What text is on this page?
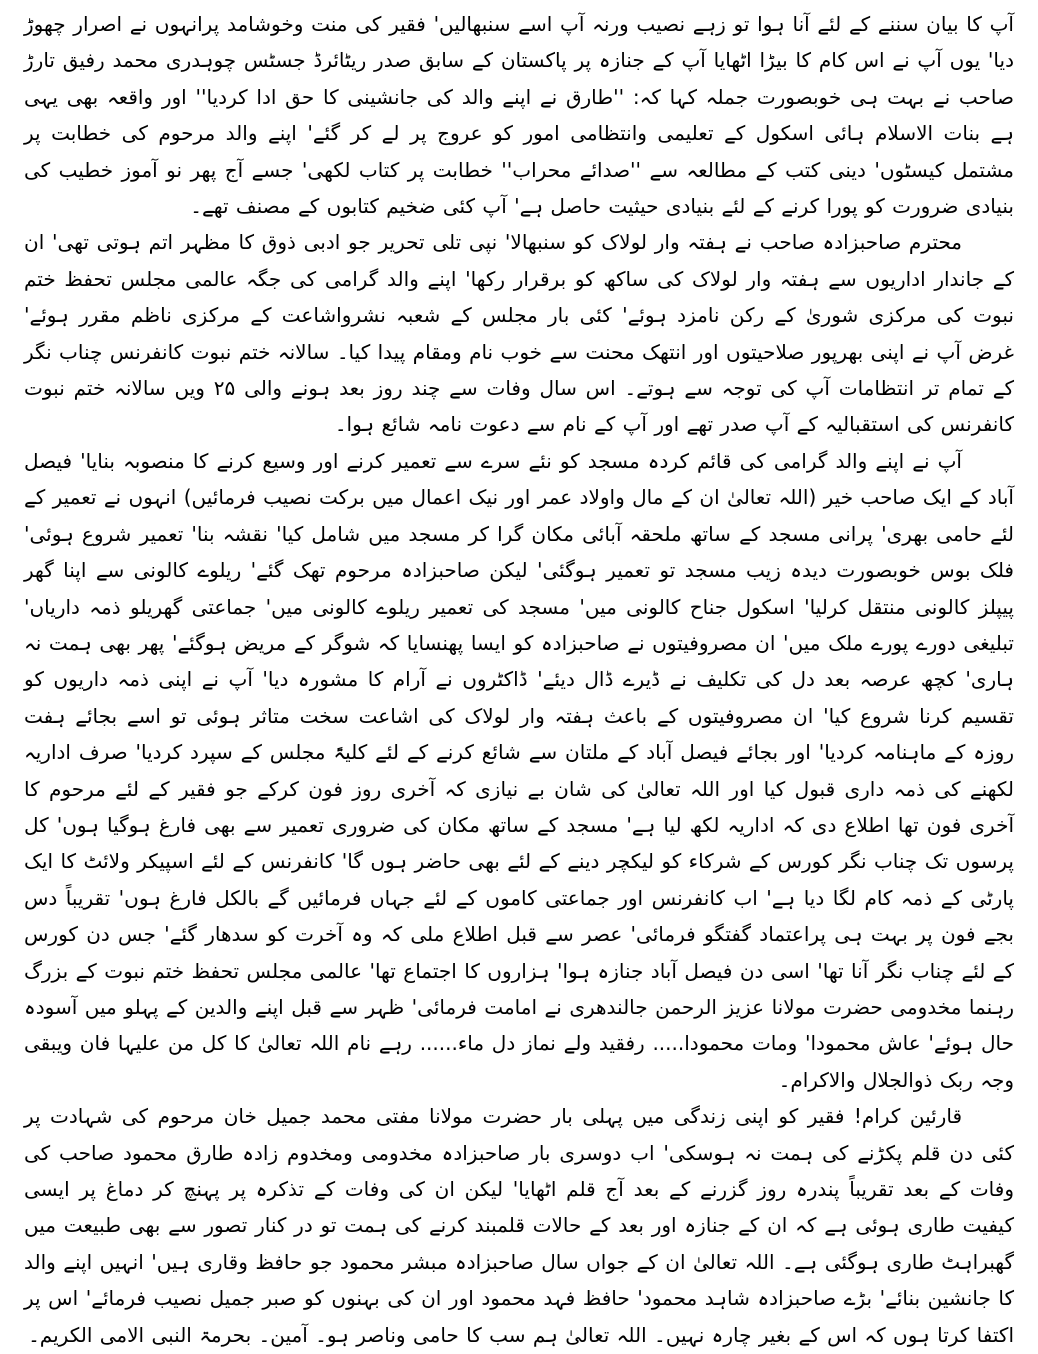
آپ کا بیان سننے کے لئے آنا ہوا تو زہے نصیب ورنہ آپ اسے سنبھالیں' فقیر کی منت وخوشامد پرانہوں نے اصرار چھوڑ دیا' یوں آپ نے اس کام کا بیڑا اٹھایا آپ کے جنازہ پر پاکستان کے سابق صدر ریٹائرڈ جسٹس چوہدری محمد رفیق تارڑ صاحب نے بہت ہی خوبصورت جملہ کہا کہ: ''طارق نے اپنے والد کی جانشینی کا حق ادا کردیا'' اور واقعہ بھی یہی ہے بنات الاسلام ہائی اسکول کے تعلیمی وانتظامی امور کو عروج پر لے کر گئے' اپنے والد مرحوم کی خطابت پر مشتمل کیسٹوں' دینی کتب کے مطالعہ سے ''صدائے محراب'' خطابت پر کتاب لکھی' جسے آج پھر نو آموز خطیب کی بنیادی ضرورت کو پورا کرنے کے لئے بنیادی حیثیت حاصل ہے' آپ کئی ضخیم کتابوں کے مصنف تھے۔

محترم صاحبزادہ صاحب نے ہفتہ وار لولاک کو سنبھالا' نپی تلی تحریر جو ادبی ذوق کا مظہر اتم ہوتی تھی' ان کے جاندار اداریوں سے ہفتہ وار لولاک کی ساکھ کو برقرار رکھا' اپنے والد گرامی کی جگہ عالمی مجلس تحفظ ختم نبوت کی مرکزی شوریٰ کے رکن نامزد ہوئے' کئی بار مجلس کے شعبہ نشرواشاعت کے مرکزی ناظم مقرر ہوئے' غرض آپ نے اپنی بھرپور صلاحیتوں اور انتھک محنت سے خوب نام ومقام پیدا کیا۔ سالانہ ختم نبوت کانفرنس چناب نگر کے تمام تر انتظامات آپ کی توجہ سے ہوتے۔ اس سال وفات سے چند روز بعد ہونے والی ۲۵ ویں سالانہ ختم نبوت کانفرنس کی استقبالیہ کے آپ صدر تھے اور آپ کے نام سے دعوت نامہ شائع ہوا۔

آپ نے اپنے والد گرامی کی قائم کردہ مسجد کو نئے سرے سے تعمیر کرنے اور وسیع کرنے کا منصوبہ بنایا' فیصل آباد کے ایک صاحب خیر (اللہ تعالیٰ ان کے مال واولاد عمر اور نیک اعمال میں برکت نصیب فرمائیں) انہوں نے تعمیر کے لئے حامی بھری' پرانی مسجد کے ساتھ ملحقہ آبائی مکان گرا کر مسجد میں شامل کیا' نقشہ بنا' تعمیر شروع ہوئی' فلک بوس خوبصورت دیدہ زیب مسجد تو تعمیر ہوگئی' لیکن صاحبزادہ مرحوم تھک گئے' ریلوے کالونی سے اپنا گھر پیپلز کالونی منتقل کرلیا' اسکول جناح کالونی میں' مسجد کی تعمیر ریلوے کالونی میں' جماعتی گھریلو ذمہ داریاں' تبلیغی دورے پورے ملک میں' ان مصروفیتوں نے صاحبزادہ کو ایسا پھنسایا کہ شوگر کے مریض ہوگئے' پھر بھی ہمت نہ ہاری' کچھ عرصہ بعد دل کی تکلیف نے ڈیرے ڈال دیئے' ڈاکٹروں نے آرام کا مشورہ دیا' آپ نے اپنی ذمہ داریوں کو تقسیم کرنا شروع کیا' ان مصروفیتوں کے باعث ہفتہ وار لولاک کی اشاعت سخت متاثر ہوئی تو اسے بجائے ہفت روزہ کے ماہنامہ کردیا' اور بجائے فیصل آباد کے ملتان سے شائع کرنے کے لئے کلیۃً مجلس کے سپرد کردیا' صرف اداریہ لکھنے کی ذمہ داری قبول کیا اور اللہ تعالیٰ کی شان بے نیازی کہ آخری روز فون کرکے جو فقیر کے لئے مرحوم کا آخری فون تھا اطلاع دی کہ اداریہ لکھ لیا ہے' مسجد کے ساتھ مکان کی ضروری تعمیر سے بھی فارغ ہوگیا ہوں' کل پرسوں تک چناب نگر کورس کے شرکاء کو لیکچر دینے کے لئے بھی حاضر ہوں گا' کانفرنس کے لئے اسپیکر ولائٹ کا ایک پارٹی کے ذمہ کام لگا دیا ہے' اب کانفرنس اور جماعتی کاموں کے لئے جہاں فرمائیں گے بالکل فارغ ہوں' تقریباً دس بجے فون پر بہت ہی پراعتماد گفتگو فرمائی' عصر سے قبل اطلاع ملی کہ وہ آخرت کو سدھار گئے' جس دن کورس کے لئے چناب نگر آنا تھا' اسی دن فیصل آباد جنازہ ہوا' ہزاروں کا اجتماع تھا' عالمی مجلس تحفظ ختم نبوت کے بزرگ رہنما مخدومی حضرت مولانا عزیز الرحمن جالندھری نے امامت فرمائی' ظہر سے قبل اپنے والدین کے پہلو میں آسودہ حال ہوئے' عاش محمودا' ومات محمودا..... رفقید ولے نماز دل ماء...... رہے نام اللہ تعالیٰ کا کل من علیہا فان ویبقی وجہ ربک ذوالجلال والاکرام۔

قارئین کرام! فقیر کو اپنی زندگی میں پہلی بار حضرت مولانا مفتی محمد جمیل خان مرحوم کی شہادت پر کئی دن قلم پکڑنے کی ہمت نہ ہوسکی' اب دوسری بار صاحبزادہ مخدومی ومخدوم زادہ طارق محمود صاحب کی وفات کے بعد تقریباً پندرہ روز گزرنے کے بعد آج قلم اٹھایا' لیکن ان کی وفات کے تذکرہ پر پہنچ کر دماغ پر ایسی کیفیت طاری ہوئی ہے کہ ان کے جنازہ اور بعد کے حالات قلمبند کرنے کی ہمت تو در کنار تصور سے بھی طبیعت میں گھبراہٹ طاری ہوگئی ہے۔ اللہ تعالیٰ ان کے جواں سال صاحبزادہ مبشر محمود جو حافظ وقاری ہیں' انہیں اپنے والد کا جانشین بنائے' بڑے صاحبزادہ شاہد محمود' حافظ فہد محمود اور ان کی بہنوں کو صبر جمیل نصیب فرمائے' اس پر اکتفا کرتا ہوں کہ اس کے بغیر چارہ نہیں۔ اللہ تعالیٰ ہم سب کا حامی وناصر ہو۔ آمین۔ بحرمۃ النبی الامی الکریم۔
